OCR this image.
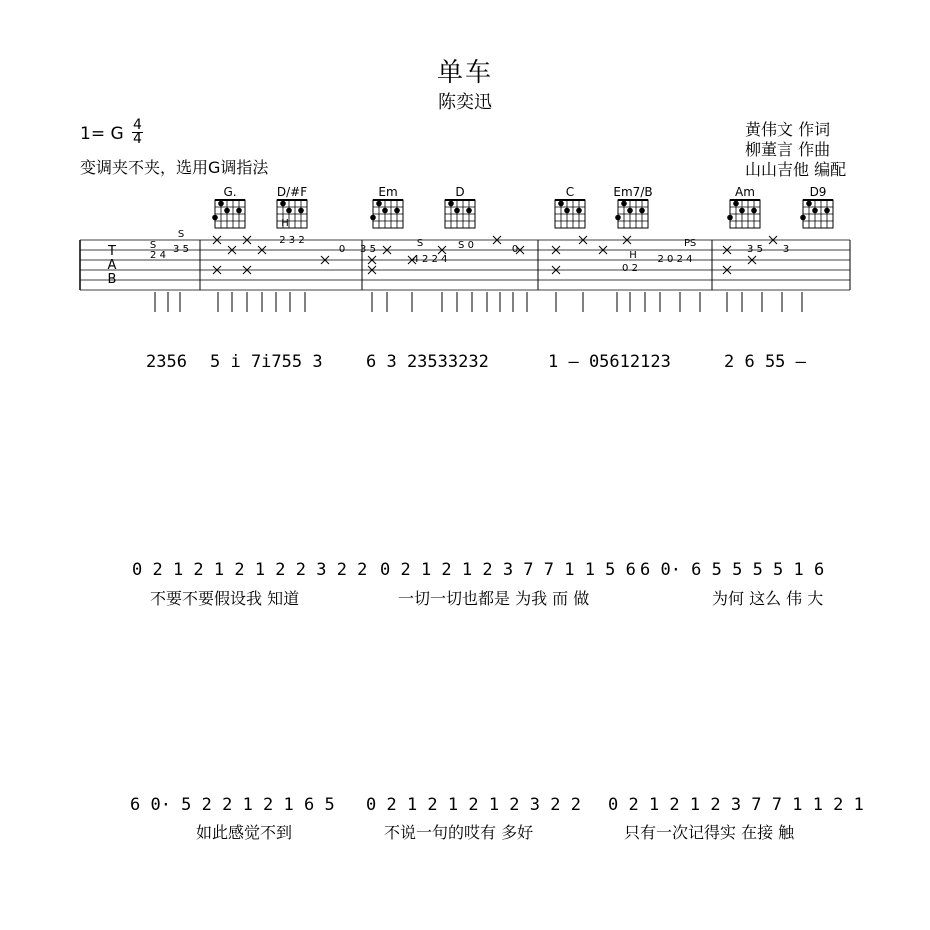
单车
陈奕迅
1= G 4
4
变调夹不夹，选用G调指法
黄伟文 作词
柳董言 作曲
山山吉他 编配
G.	D/#F	Em	D	C	Em7/B	Am	D9
T
A
B
S
S
2 4
3 5
2 3 2
H
0 3 5
S
4 2 2 4
S 0	0
H
0 2
P S
2 0 2 4
3 5 3
2356 5 i 7i755 3	6 3 23533232	1 – 05612123	2 6 55 –
0 2 1 2 1 2 1 2 2 3 2 2 0 2 1 2 1 2 3 7 7 1 1 5 6 6 0· 6 5 5 5 5 1 6
不要不要假设我 知道	一切一切也都是 为我 而 做	为何 这么 伟 大
6 0· 5 2 2 1 2 1 6 5 0 2 1 2 1 2 1 2 3 2 2 0 2 1 2 1 2 3 7 7 1 1 2 1
如此感觉不到	不说一句的哎有 多好	只有一次记得实 在接 触
